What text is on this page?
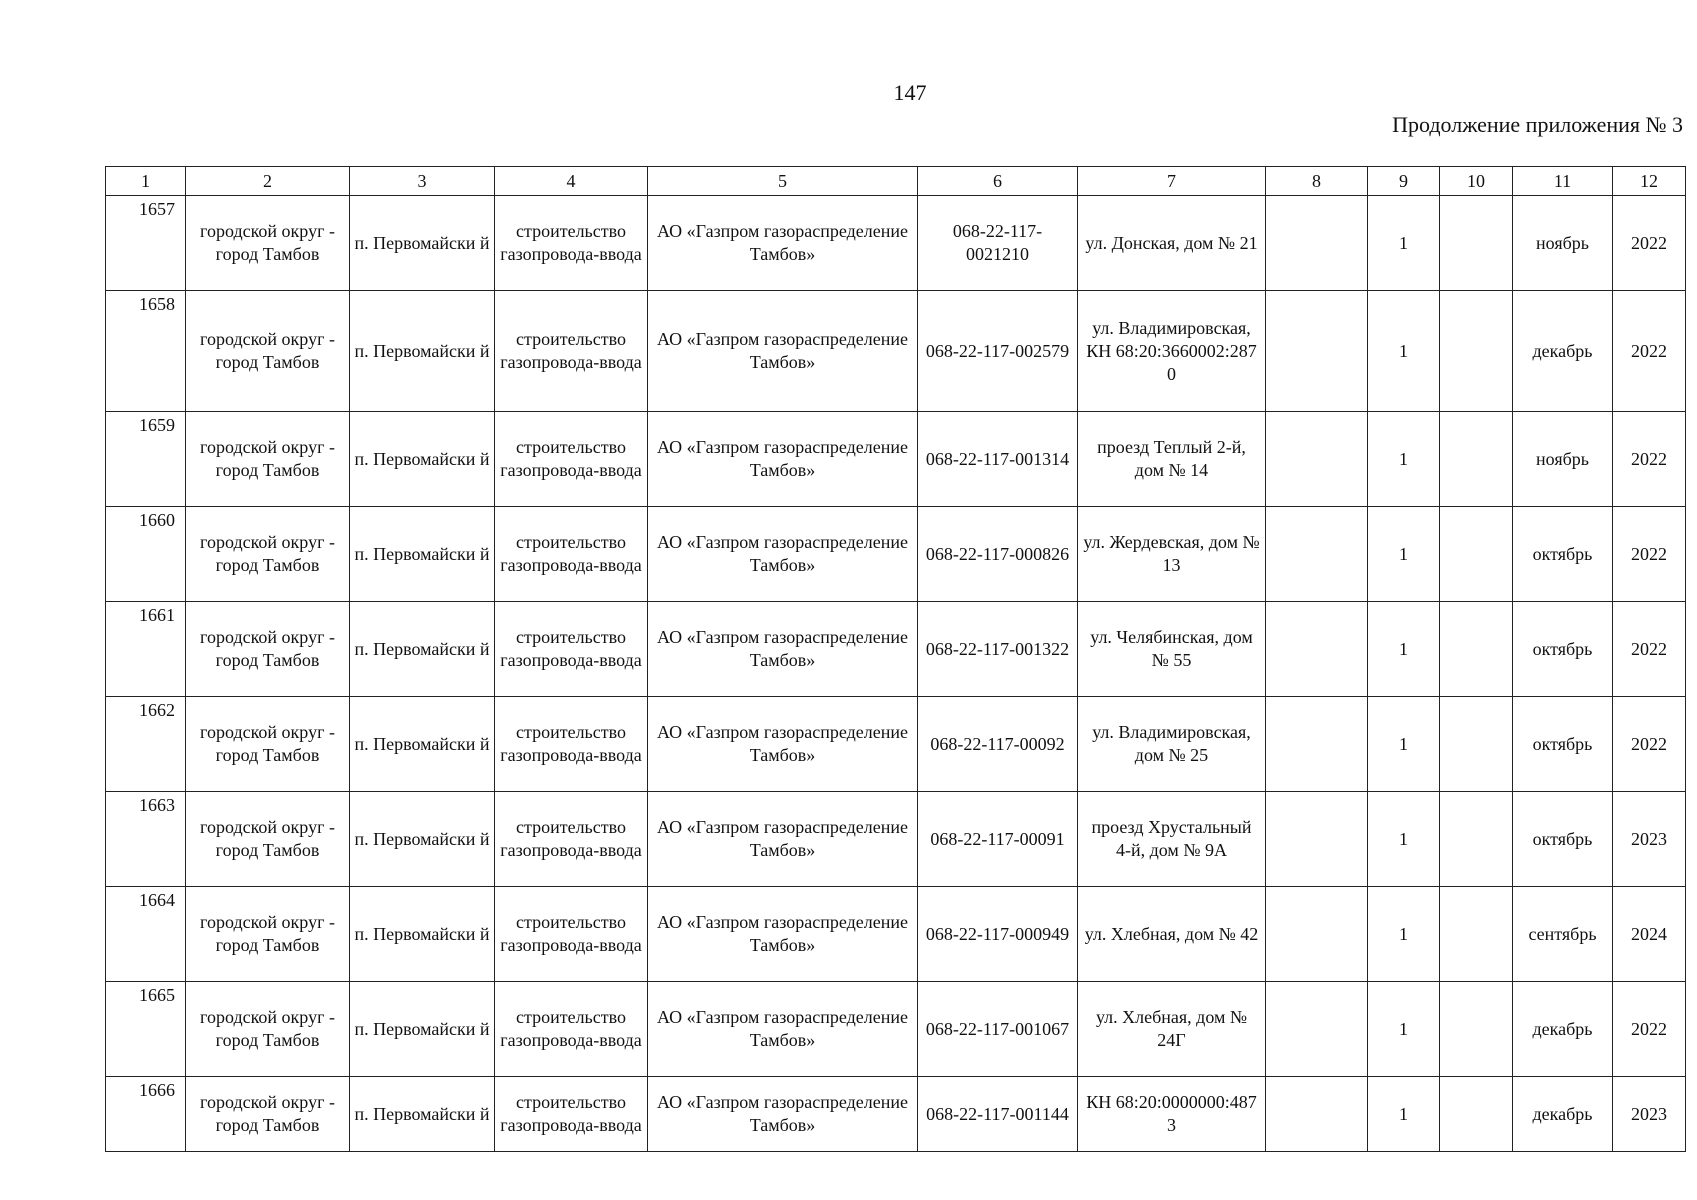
147
Продолжение приложения № 3
1	2	3	4	5	6	7	8	9	10	11	12
1657	городской округ - город Тамбов	п. Первомайски й	строительство газопровода-ввода	АО «Газпром газораспределение Тамбов»	068-22-117-0021210	ул. Донская, дом № 21		1		ноябрь	2022
1658	городской округ - город Тамбов	п. Первомайски й	строительство газопровода-ввода	АО «Газпром газораспределение Тамбов»	068-22-117-002579	ул. Владимировская, КН 68:20:3660002:287 0		1		декабрь	2022
1659	городской округ - город Тамбов	п. Первомайски й	строительство газопровода-ввода	АО «Газпром газораспределение Тамбов»	068-22-117-001314	проезд Теплый 2-й, дом № 14		1		ноябрь	2022
1660	городской округ - город Тамбов	п. Первомайски й	строительство газопровода-ввода	АО «Газпром газораспределение Тамбов»	068-22-117-000826	ул. Жердевская, дом № 13		1		октябрь	2022
1661	городской округ - город Тамбов	п. Первомайски й	строительство газопровода-ввода	АО «Газпром газораспределение Тамбов»	068-22-117-001322	ул. Челябинская, дом № 55		1		октябрь	2022
1662	городской округ - город Тамбов	п. Первомайски й	строительство газопровода-ввода	АО «Газпром газораспределение Тамбов»	068-22-117-00092	ул. Владимировская, дом № 25		1		октябрь	2022
1663	городской округ - город Тамбов	п. Первомайски й	строительство газопровода-ввода	АО «Газпром газораспределение Тамбов»	068-22-117-00091	проезд Хрустальный 4-й, дом № 9А		1		октябрь	2023
1664	городской округ - город Тамбов	п. Первомайски й	строительство газопровода-ввода	АО «Газпром газораспределение Тамбов»	068-22-117-000949	ул. Хлебная, дом № 42		1		сентябрь	2024
1665	городской округ - город Тамбов	п. Первомайски й	строительство газопровода-ввода	АО «Газпром газораспределение Тамбов»	068-22-117-001067	ул. Хлебная, дом № 24Г		1		декабрь	2022
1666	городской округ - город Тамбов	п. Первомайски й	строительство газопровода-ввода	АО «Газпром газораспределение Тамбов»	068-22-117-001144	КН 68:20:0000000:487 3		1		декабрь	2023
